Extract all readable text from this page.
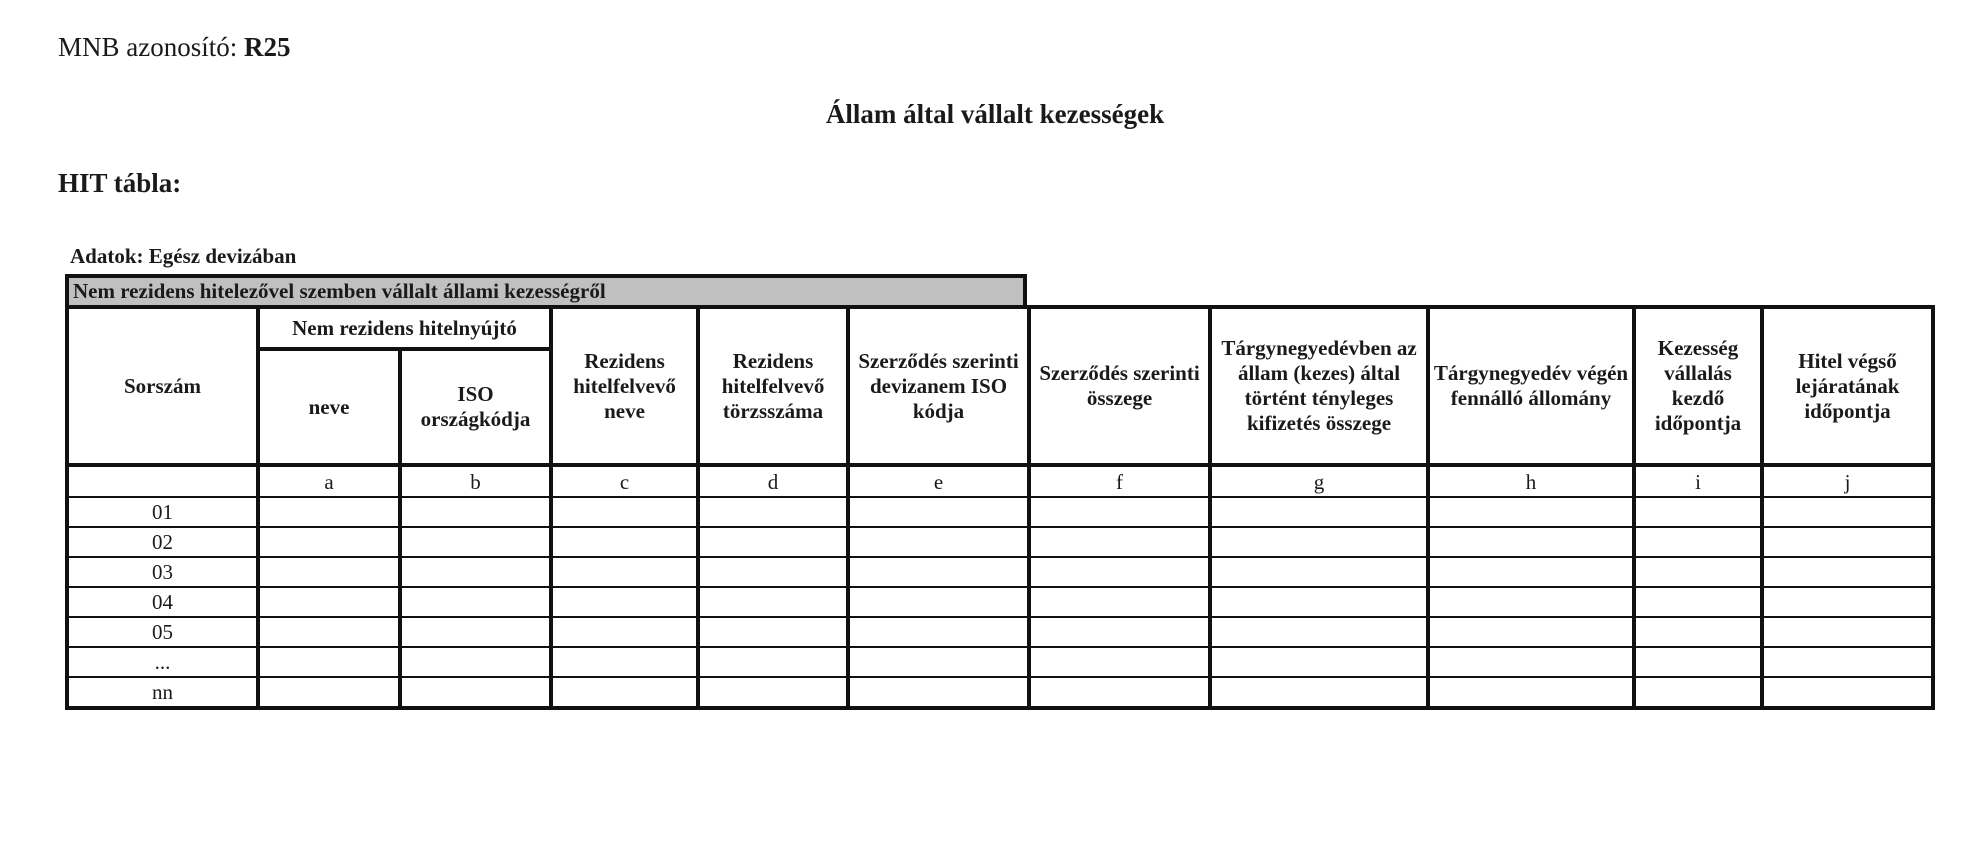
MNB azonosító: R25
Állam által vállalt kezességek
HIT tábla:
Adatok: Egész devizában
Nem rezidens hitelezővel szemben vállalt állami kezességről
Sorszám	Nem rezidens hitelnyújtó		Rezidens hitelfelvevő neve	Rezidens hitelfelvevő törzsszáma	Szerződés szerinti devizanem ISO kódja	Szerződés szerinti összege	Tárgynegyedévben az állam (kezes) által történt tényleges kifizetés összege	Tárgynegyedév végén fennálló állomány	Kezesség vállalás kezdő időpontja	Hitel végső lejáratának időpontja
	neve	ISO országkódja								
	a	b	c	d	e	f	g	h	i	j
01										
02										
03										
04										
05										
...										
nn										
